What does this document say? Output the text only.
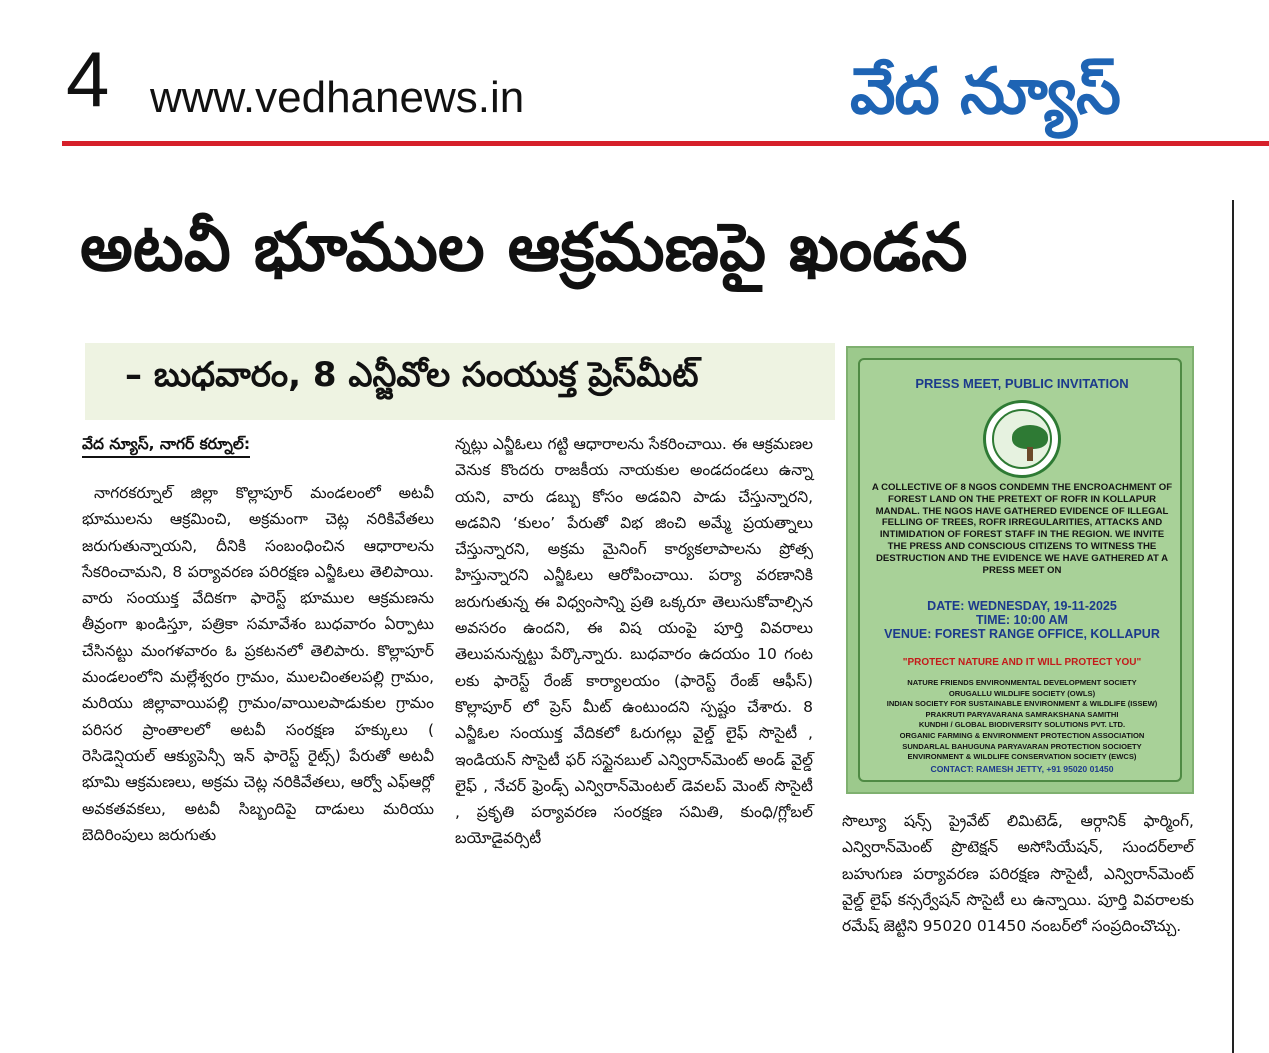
4 www.vedhanews.in	వేద న్యూస్
అటవీ భూముల ఆక్రమణపై ఖండన
– బుధవారం, 8 ఎన్జీవోల సంయుక్త ప్రెస్‌మీట్
వేద న్యూస్, నాగర్ కర్నూల్:

నాగరకర్నూల్ జిల్లా కొల్లాపూర్ మండలంలో అటవీ భూములను ఆక్రమించి, అక్రమంగా చెట్ల నరికివేతలు జరుగుతున్నాయని, దీనికి సంబంధించిన ఆధారాలను సేకరించామని, 8 పర్యావరణ పరిరక్షణ ఎన్జీఓలు తెలిపాయి. వారు సంయుక్త వేదికగా ఫారెస్ట్ భూముల ఆక్రమణను తీవ్రంగా ఖండిస్తూ, పత్రికా సమావేశం బుధవారం ఏర్పాటు చేసినట్టు మంగళవారం ఓ ప్రకటనలో తెలిపారు. కొల్లాపూర్ మండలంలోని మల్లేశ్వరం గ్రామం, ములచింతలపల్లి గ్రామం, మరియు జిల్లావాయిపల్లి గ్రామం/వాయిలపాడుకుల గ్రామం పరిసర ప్రాంతాలలో అటవీ సంరక్షణ హక్కులు ( రెసిడెన్షియల్ ఆక్యుపెన్సీ ఇన్ ఫారెస్ట్ రైట్స్) పేరుతో అటవీ భూమి ఆక్రమణలు, అక్రమ చెట్ల నరికివేతలు, ఆర్వో ఎఫ్ఆర్లో అవకతవకలు, అటవీ సిబ్బందిపై దాడులు మరియు బెదిరింపులు జరుగుతు

న్నట్లు ఎన్జీఓలు గట్టి ఆధారాలను సేకరించాయి. ఈ ఆక్రమణల వెనుక కొందరు రాజకీయ నాయకుల అండదండలు ఉన్నా యని, వారు డబ్బు కోసం అడవిని పాడు చేస్తున్నారని, అడవిని ‘కులం’ పేరుతో విభ జించి అమ్మే ప్రయత్నాలు చేస్తున్నారని, అక్రమ మైనింగ్ కార్యకలాపాలను ప్రోత్స హిస్తున్నారని ఎన్జీఓలు ఆరోపించాయి. పర్యా వరణానికి జరుగుతున్న ఈ విధ్వంసాన్ని ప్రతి ఒక్కరూ తెలుసుకోవాల్సిన అవసరం ఉందని, ఈ విష యంపై పూర్తి వివరాలు తెలుపనున్నట్టు పేర్కొన్నారు. బుధవారం ఉదయం 10 గంట లకు ఫారెస్ట్ రేంజ్ కార్యాలయం (ఫారెస్ట్ రేంజ్ ఆఫీస్) కొల్లాపూర్ లో ప్రెస్ మీట్ ఉంటుందని స్పష్టం చేశారు. 8 ఎన్జీఓల సంయుక్త వేదికలో ఓరుగల్లు వైల్డ్ లైఫ్ సొసైటీ , ఇండియన్ సొసైటీ ఫర్ సస్టైనబుల్ ఎన్విరాన్‌మెంట్ అండ్ వైల్డ్ లైఫ్ , నేచర్ ఫ్రెండ్స్ ఎన్విరాన్‌మెంటల్ డెవలప్ మెంట్ సొసైటీ , ప్రకృతి పర్యావరణ సంరక్షణ సమితి, కుంధి/గ్లోబల్ బయోడైవర్సిటీ

సొల్యూ షన్స్ ప్రైవేట్ లిమిటెడ్, ఆర్గానిక్ ఫార్మింగ్, ఎన్విరాన్‌మెంట్ ప్రొటెక్షన్ అసోసియేషన్, సుందర్‌లాల్ బహుగుణ పర్యావరణ పరిరక్షణ సొసైటీ, ఎన్విరాన్‌మెంట్ వైల్డ్ లైఫ్ కన్సర్వేషన్ సొసైటీ లు ఉన్నాయి. పూర్తి వివరాలకు రమేష్ జెట్టిని 95020 01450 నంబర్‌లో సంప్రదించొచ్చు.

PRESS MEET, PUBLIC INVITATION
A COLLECTIVE OF 8 NGOS CONDEMN THE ENCROACHMENT OF FOREST LAND ON THE PRETEXT OF ROFR IN KOLLAPUR MANDAL. THE NGOS HAVE GATHERED EVIDENCE OF ILLEGAL FELLING OF TREES, ROFR IRREGULARITIES, ATTACKS AND INTIMIDATION OF FOREST STAFF IN THE REGION. WE INVITE THE PRESS AND CONSCIOUS CITIZENS TO WITNESS THE DESTRUCTION AND THE EVIDENCE WE HAVE GATHERED AT A PRESS MEET ON
DATE: WEDNESDAY, 19-11-2025
TIME: 10:00 AM
VENUE: FOREST RANGE OFFICE, KOLLAPUR
"PROTECT NATURE AND IT WILL PROTECT YOU"
NATURE FRIENDS ENVIRONMENTAL DEVELOPMENT SOCIETY
ORUGALLU WILDLIFE SOCIETY (OWLS)
INDIAN SOCIETY FOR SUSTAINABLE ENVIRONMENT & WILDLIFE (ISSEW)
PRAKRUTI PARYAVARANA SAMRAKSHANA SAMITHI
KUNDHI / GLOBAL BIODIVERSITY SOLUTIONS PVT. LTD.
ORGANIC FARMING & ENVIRONMENT PROTECTION ASSOCIATION
SUNDARLAL BAHUGUNA PARYAVARAN PROTECTION SOCIOETY
ENVIRONMENT & WILDLIFE CONSERVATION SOCIETY (EWCS)
CONTACT: RAMESH JETTY, +91 95020 01450
